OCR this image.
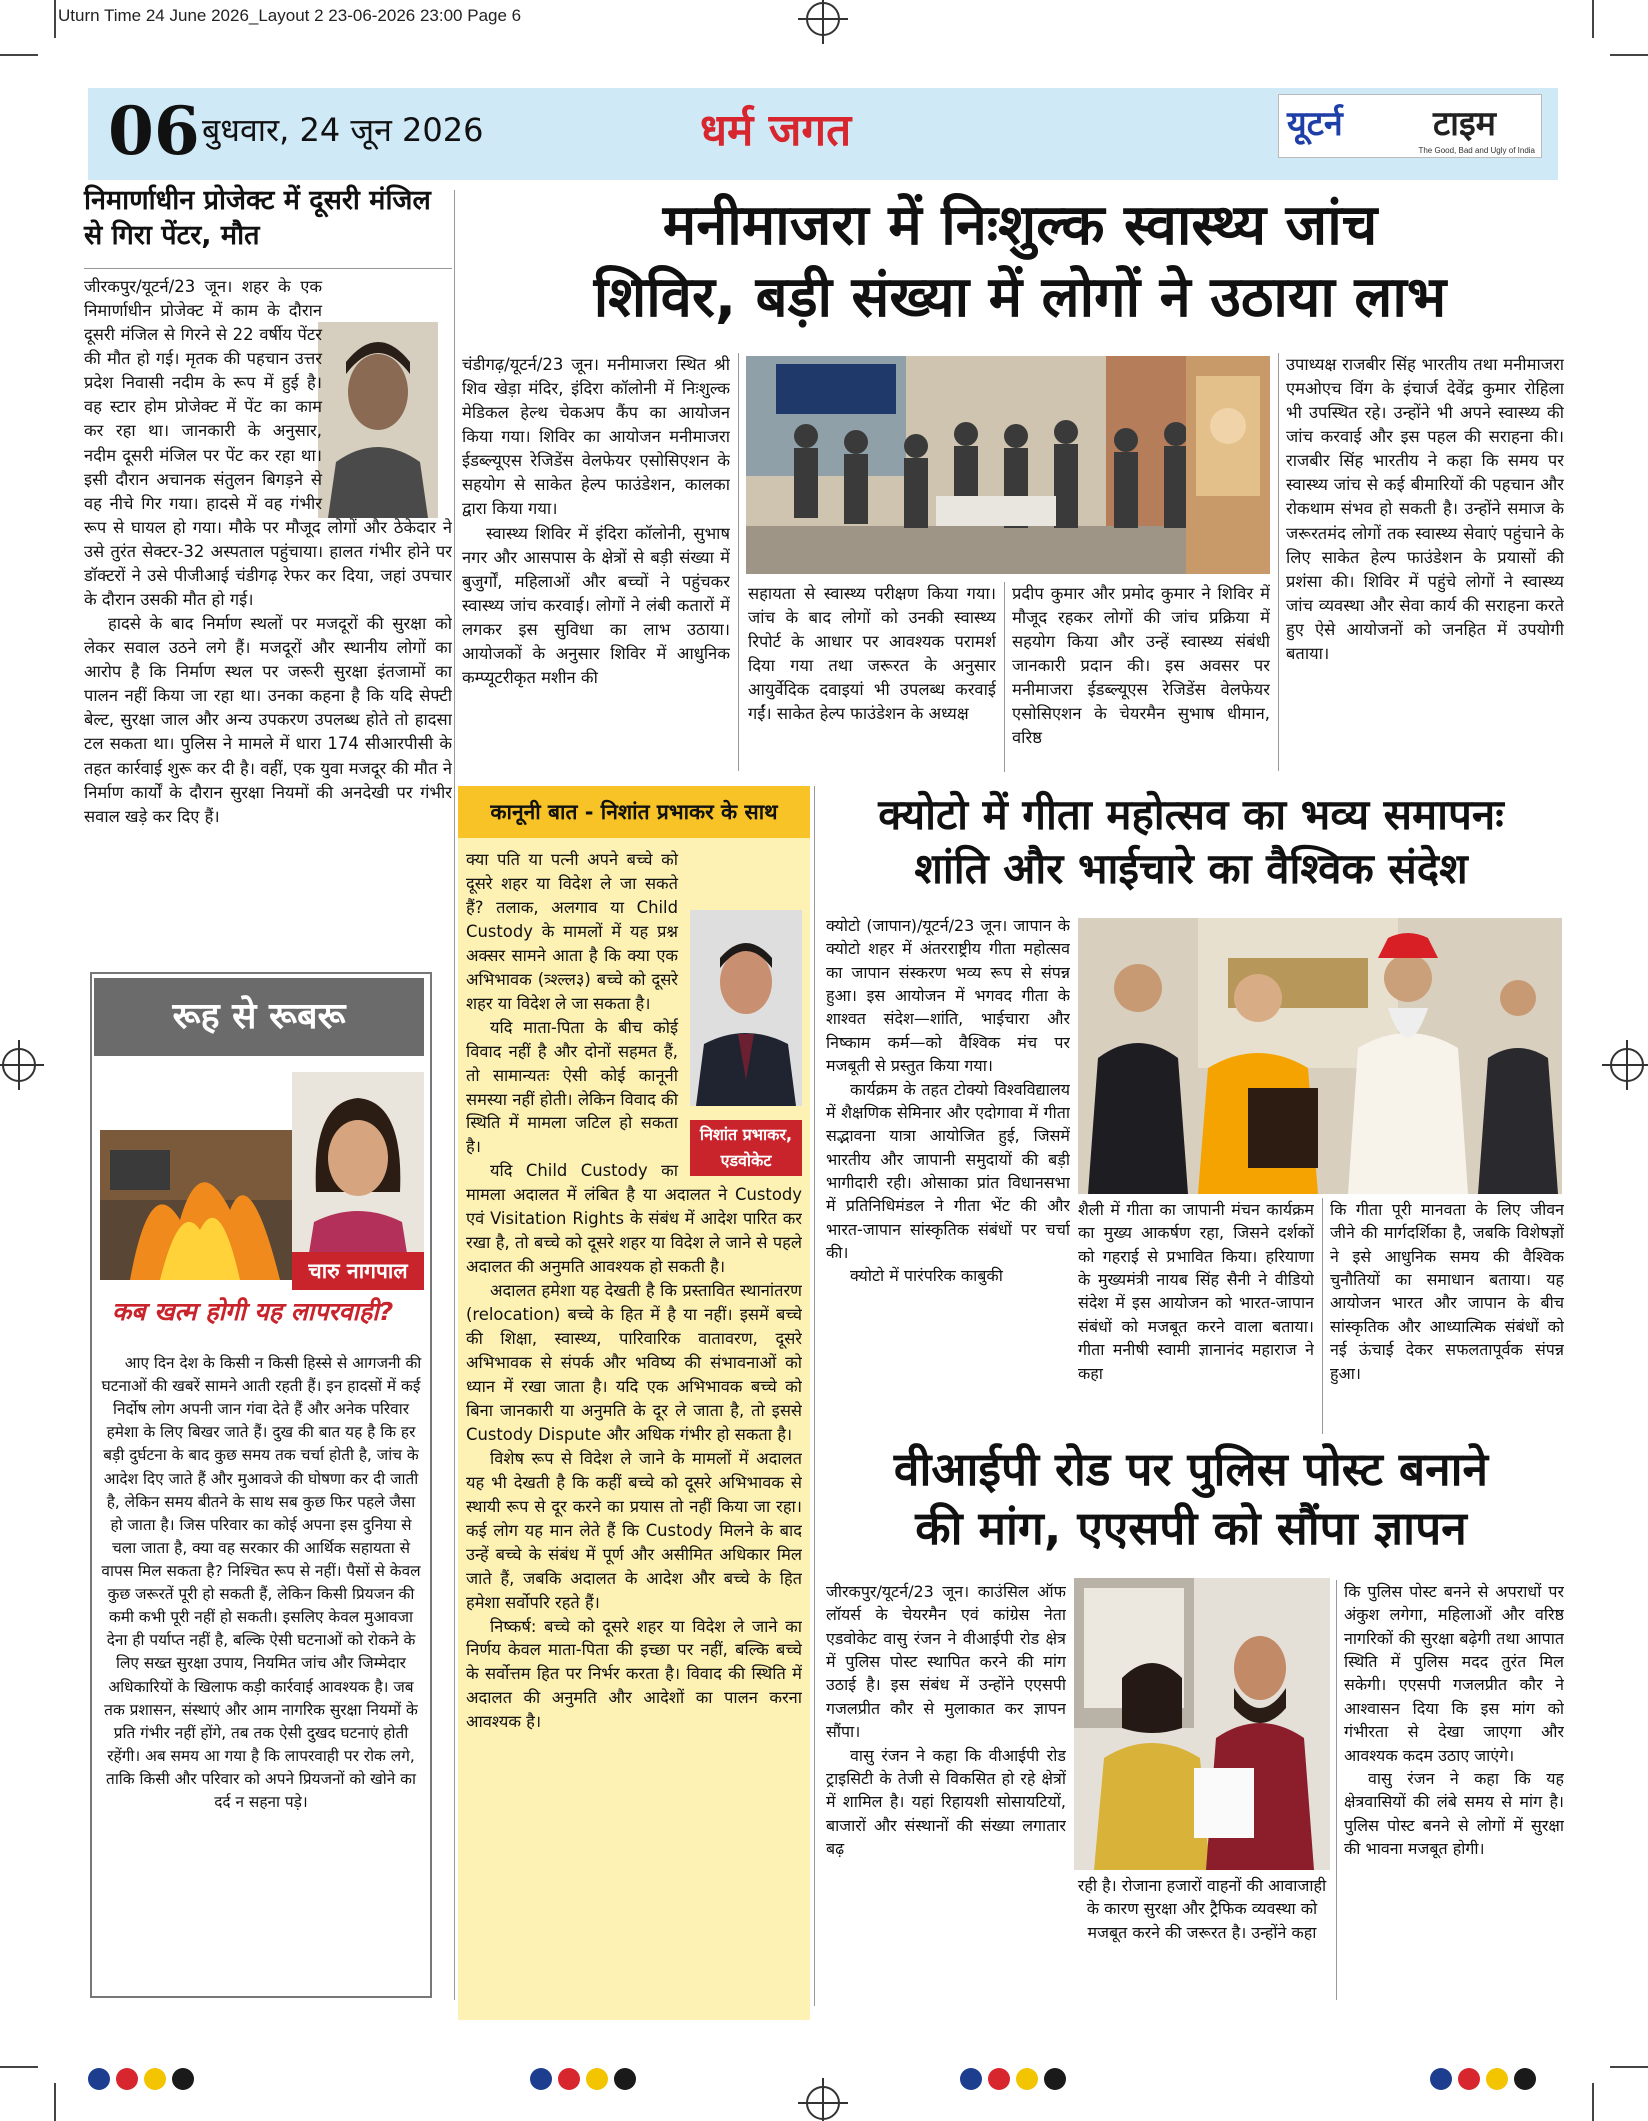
Uturn Time 24 June 2026_Layout 2 23-06-2026 23:00 Page 6
06 बुधवार, 24 जून 2026	धर्म जगत	यूटर्न	टाइम
The Good, Bad and Ugly of India
निमार्णाधीन प्रोजेक्ट में दूसरी मंजिल से गिरा पेंटर, मौत

जीरकपुर/यूटर्न/23 जून। शहर के एक निमार्णाधीन प्रोजेक्ट में काम के दौरान दूसरी मंजिल से गिरने से 22 वर्षीय पेंटर की मौत हो गई। मृतक की पहचान उत्तर प्रदेश निवासी नदीम के रूप में हुई है। वह स्टार होम प्रोजेक्ट में पेंट का काम कर रहा था। जानकारी के अनुसार, नदीम दूसरी मंजिल पर पेंट कर रहा था। इसी दौरान अचानक संतुलन बिगड़ने से वह नीचे गिर गया। हादसे में वह गंभीर रूप से घायल हो गया। मौके पर मौजूद लोगों और ठेकेदार ने उसे तुरंत सेक्टर-32 अस्पताल पहुंचाया। हालत गंभीर होने पर डॉक्टरों ने उसे पीजीआई चंडीगढ़ रेफर कर दिया, जहां उपचार के दौरान उसकी मौत हो गई।

हादसे के बाद निर्माण स्थलों पर मजदूरों की सुरक्षा को लेकर सवाल उठने लगे हैं। मजदूरों और स्थानीय लोगों का आरोप है कि निर्माण स्थल पर जरूरी सुरक्षा इंतजामों का पालन नहीं किया जा रहा था। उनका कहना है कि यदि सेफ्टी बेल्ट, सुरक्षा जाल और अन्य उपकरण उपलब्ध होते तो हादसा टल सकता था। पुलिस ने मामले में धारा 174 सीआरपीसी के तहत कार्रवाई शुरू कर दी है। वहीं, एक युवा मजदूर की मौत ने निर्माण कार्यों के दौरान सुरक्षा नियमों की अनदेखी पर गंभीर सवाल खड़े कर दिए हैं।

रूह से रूबरू
चारु नागपाल
कब खत्म होगी यह लापरवाही?

आए दिन देश के किसी न किसी हिस्से से आगजनी की घटनाओं की खबरें सामने आती रहती हैं। इन हादसों में कई निर्दोष लोग अपनी जान गंवा देते हैं और अनेक परिवार हमेशा के लिए बिखर जाते हैं। दुख की बात यह है कि हर बड़ी दुर्घटना के बाद कुछ समय तक चर्चा होती है, जांच के आदेश दिए जाते हैं और मुआवजे की घोषणा कर दी जाती है, लेकिन समय बीतने के साथ सब कुछ फिर पहले जैसा हो जाता है। जिस परिवार का कोई अपना इस दुनिया से चला जाता है, क्या वह सरकार की आर्थिक सहायता से वापस मिल सकता है? निश्चित रूप से नहीं। पैसों से केवल कुछ जरूरतें पूरी हो सकती हैं, लेकिन किसी प्रियजन की कमी कभी पूरी नहीं हो सकती। इसलिए केवल मुआवजा देना ही पर्याप्त नहीं है, बल्कि ऐसी घटनाओं को रोकने के लिए सख्त सुरक्षा उपाय, नियमित जांच और जिम्मेदार अधिकारियों के खिलाफ कड़ी कार्रवाई आवश्यक है। जब तक प्रशासन, संस्थाएं और आम नागरिक सुरक्षा नियमों के प्रति गंभीर नहीं होंगे, तब तक ऐसी दुखद घटनाएं होती रहेंगी। अब समय आ गया है कि लापरवाही पर रोक लगे, ताकि किसी और परिवार को अपने प्रियजनों को खोने का दर्द न सहना पड़े।

मनीमाजरा में निःशुल्क स्वास्थ्य जांच
शिविर, बड़ी संख्या में लोगों ने उठाया लाभ

चंडीगढ़/यूटर्न/23 जून। मनीमाजरा स्थित श्री शिव खेड़ा मंदिर, इंदिरा कॉलोनी में निःशुल्क मेडिकल हेल्थ चेकअप कैंप का आयोजन किया गया। शिविर का आयोजन मनीमाजरा ईडब्ल्यूएस रेजिडेंस वेलफेयर एसोसिएशन के सहयोग से साकेत हेल्प फाउंडेशन, कालका द्वारा किया गया।

स्वास्थ्य शिविर में इंदिरा कॉलोनी, सुभाष नगर और आसपास के क्षेत्रों से बड़ी संख्या में बुजुर्गों, महिलाओं और बच्चों ने पहुंचकर स्वास्थ्य जांच करवाई। लोगों ने लंबी कतारों में लगकर इस सुविधा का लाभ उठाया। आयोजकों के अनुसार शिविर में आधुनिक कम्प्यूटरीकृत मशीन की

सहायता से स्वास्थ्य परीक्षण किया गया। जांच के बाद लोगों को उनकी स्वास्थ्य रिपोर्ट के आधार पर आवश्यक परामर्श दिया गया तथा जरूरत के अनुसार आयुर्वेदिक दवाइयां भी उपलब्ध करवाई गईं। साकेत हेल्प फाउंडेशन के अध्यक्ष

प्रदीप कुमार और प्रमोद कुमार ने शिविर में मौजूद रहकर लोगों की जांच प्रक्रिया में सहयोग किया और उन्हें स्वास्थ्य संबंधी जानकारी प्रदान की। इस अवसर पर मनीमाजरा ईडब्ल्यूएस रेजिडेंस वेलफेयर एसोसिएशन के चेयरमैन सुभाष धीमान, वरिष्ठ

उपाध्यक्ष राजबीर सिंह भारतीय तथा मनीमाजरा एमओएच विंग के इंचार्ज देवेंद्र कुमार रोहिला भी उपस्थित रहे। उन्होंने भी अपने स्वास्थ्य की जांच करवाई और इस पहल की सराहना की। राजबीर सिंह भारतीय ने कहा कि समय पर स्वास्थ्य जांच से कई बीमारियों की पहचान और रोकथाम संभव हो सकती है। उन्होंने समाज के जरूरतमंद लोगों तक स्वास्थ्य सेवाएं पहुंचाने के लिए साकेत हेल्प फाउंडेशन के प्रयासों की प्रशंसा की। शिविर में पहुंचे लोगों ने स्वास्थ्य जांच व्यवस्था और सेवा कार्य की सराहना करते हुए ऐसे आयोजनों को जनहित में उपयोगी बताया।

कानूनी बात - निशांत प्रभाकर के साथ
निशांत प्रभाकर, एडवोकेट

क्या पति या पत्नी अपने बच्चे को दूसरे शहर या विदेश ले जा सकते हैं? तलाक, अलगाव या Child Custody के मामलों में यह प्रश्न अक्सर सामने आता है कि क्या एक अभिभावक (त्र्श्ल्ल३) बच्चे को दूसरे शहर या विदेश ले जा सकता है।

यदि माता-पिता के बीच कोई विवाद नहीं है और दोनों सहमत हैं, तो सामान्यतः ऐसी कोई कानूनी समस्या नहीं होती। लेकिन विवाद की स्थिति में मामला जटिल हो सकता है।

यदि Child Custody का मामला अदालत में लंबित है या अदालत ने Custody एवं Visitation Rights के संबंध में आदेश पारित कर रखा है, तो बच्चे को दूसरे शहर या विदेश ले जाने से पहले अदालत की अनुमति आवश्यक हो सकती है।

अदालत हमेशा यह देखती है कि प्रस्तावित स्थानांतरण (relocation) बच्चे के हित में है या नहीं। इसमें बच्चे की शिक्षा, स्वास्थ्य, पारिवारिक वातावरण, दूसरे अभिभावक से संपर्क और भविष्य की संभावनाओं को ध्यान में रखा जाता है। यदि एक अभिभावक बच्चे को बिना जानकारी या अनुमति के दूर ले जाता है, तो इससे Custody Dispute और अधिक गंभीर हो सकता है।

विशेष रूप से विदेश ले जाने के मामलों में अदालत यह भी देखती है कि कहीं बच्चे को दूसरे अभिभावक से स्थायी रूप से दूर करने का प्रयास तो नहीं किया जा रहा। कई लोग यह मान लेते हैं कि Custody मिलने के बाद उन्हें बच्चे के संबंध में पूर्ण और असीमित अधिकार मिल जाते हैं, जबकि अदालत के आदेश और बच्चे के हित हमेशा सर्वोपरि रहते हैं।

निष्कर्ष: बच्चे को दूसरे शहर या विदेश ले जाने का निर्णय केवल माता-पिता की इच्छा पर नहीं, बल्कि बच्चे के सर्वोत्तम हित पर निर्भर करता है। विवाद की स्थिति में अदालत की अनुमति और आदेशों का पालन करना आवश्यक है।

क्योटो में गीता महोत्सव का भव्य समापनः
शांति और भाईचारे का वैश्विक संदेश

क्योटो (जापान)/यूटर्न/23 जून। जापान के क्योटो शहर में अंतरराष्ट्रीय गीता महोत्सव का जापान संस्करण भव्य रूप से संपन्न हुआ। इस आयोजन में भगवद गीता के शाश्वत संदेश—शांति, भाईचारा और निष्काम कर्म—को वैश्विक मंच पर मजबूती से प्रस्तुत किया गया।

कार्यक्रम के तहत टोक्यो विश्वविद्यालय में शैक्षणिक सेमिनार और एदोगावा में गीता सद्भावना यात्रा आयोजित हुई, जिसमें भारतीय और जापानी समुदायों की बड़ी भागीदारी रही। ओसाका प्रांत विधानसभा में प्रतिनिधिमंडल ने गीता भेंट की और भारत-जापान सांस्कृतिक संबंधों पर चर्चा की।

क्योटो में पारंपरिक काबुकी

शैली में गीता का जापानी मंचन कार्यक्रम का मुख्य आकर्षण रहा, जिसने दर्शकों को गहराई से प्रभावित किया। हरियाणा के मुख्यमंत्री नायब सिंह सैनी ने वीडियो संदेश में इस आयोजन को भारत-जापान संबंधों को मजबूत करने वाला बताया। गीता मनीषी स्वामी ज्ञानानंद महाराज ने कहा

कि गीता पूरी मानवता के लिए जीवन जीने की मार्गदर्शिका है, जबकि विशेषज्ञों ने इसे आधुनिक समय की वैश्विक चुनौतियों का समाधान बताया। यह आयोजन भारत और जापान के बीच सांस्कृतिक और आध्यात्मिक संबंधों को नई ऊंचाई देकर सफलतापूर्वक संपन्न हुआ।

वीआईपी रोड पर पुलिस पोस्ट बनाने
की मांग, एएसपी को सौंपा ज्ञापन

जीरकपुर/यूटर्न/23 जून। काउंसिल ऑफ लॉयर्स के चेयरमैन एवं कांग्रेस नेता एडवोकेट वासु रंजन ने वीआईपी रोड क्षेत्र में पुलिस पोस्ट स्थापित करने की मांग उठाई है। इस संबंध में उन्होंने एएसपी गजलप्रीत कौर से मुलाकात कर ज्ञापन सौंपा।

वासु रंजन ने कहा कि वीआईपी रोड ट्राइसिटी के तेजी से विकसित हो रहे क्षेत्रों में शामिल है। यहां रिहायशी सोसायटियों, बाजारों और संस्थानों की संख्या लगातार बढ़

रही है। रोजाना हजारों वाहनों की आवाजाही के कारण सुरक्षा और ट्रैफिक व्यवस्था को मजबूत करने की जरूरत है। उन्होंने कहा

कि पुलिस पोस्ट बनने से अपराधों पर अंकुश लगेगा, महिलाओं और वरिष्ठ नागरिकों की सुरक्षा बढ़ेगी तथा आपात स्थिति में पुलिस मदद तुरंत मिल सकेगी। एएसपी गजलप्रीत कौर ने आश्वासन दिया कि इस मांग को गंभीरता से देखा जाएगा और आवश्यक कदम उठाए जाएंगे।

वासु रंजन ने कहा कि यह क्षेत्रवासियों की लंबे समय से मांग है। पुलिस पोस्ट बनने से लोगों में सुरक्षा की भावना मजबूत होगी।
